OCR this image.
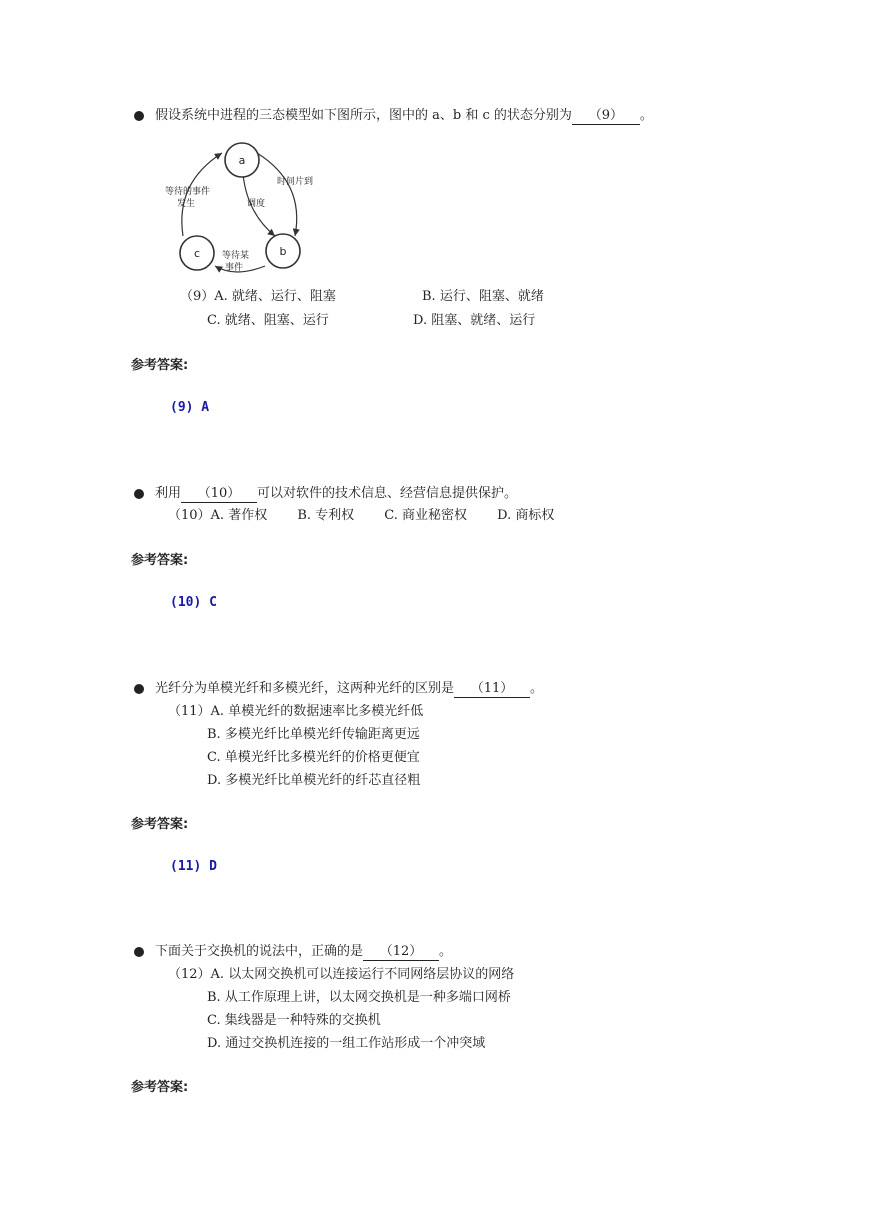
假设系统中进程的三态模型如下图所示，图中的 a、b 和 c 的状态分别为 （9） 。
a
b
c
时间片到
调度
等待的事件
发生
等待某
事件
（9）A. 就绪、运行、阻塞	B. 运行、阻塞、就绪
C. 就绪、阻塞、运行	D. 阻塞、就绪、运行
参考答案:
(9) A
利用 （10） 可以对软件的技术信息、经营信息提供保护。
（10）A. 著作权　　 B. 专利权　　 C. 商业秘密权　　 D. 商标权
参考答案:
(10) C
光纤分为单模光纤和多模光纤，这两种光纤的区别是 （11） 。
（11）A. 单模光纤的数据速率比多模光纤低
B. 多模光纤比单模光纤传输距离更远
C. 单模光纤比多模光纤的价格更便宜
D. 多模光纤比单模光纤的纤芯直径粗
参考答案:
(11) D
下面关于交换机的说法中，正确的是 （12） 。
（12）A. 以太网交换机可以连接运行不同网络层协议的网络
B. 从工作原理上讲，以太网交换机是一种多端口网桥
C. 集线器是一种特殊的交换机
D. 通过交换机连接的一组工作站形成一个冲突域
参考答案:
